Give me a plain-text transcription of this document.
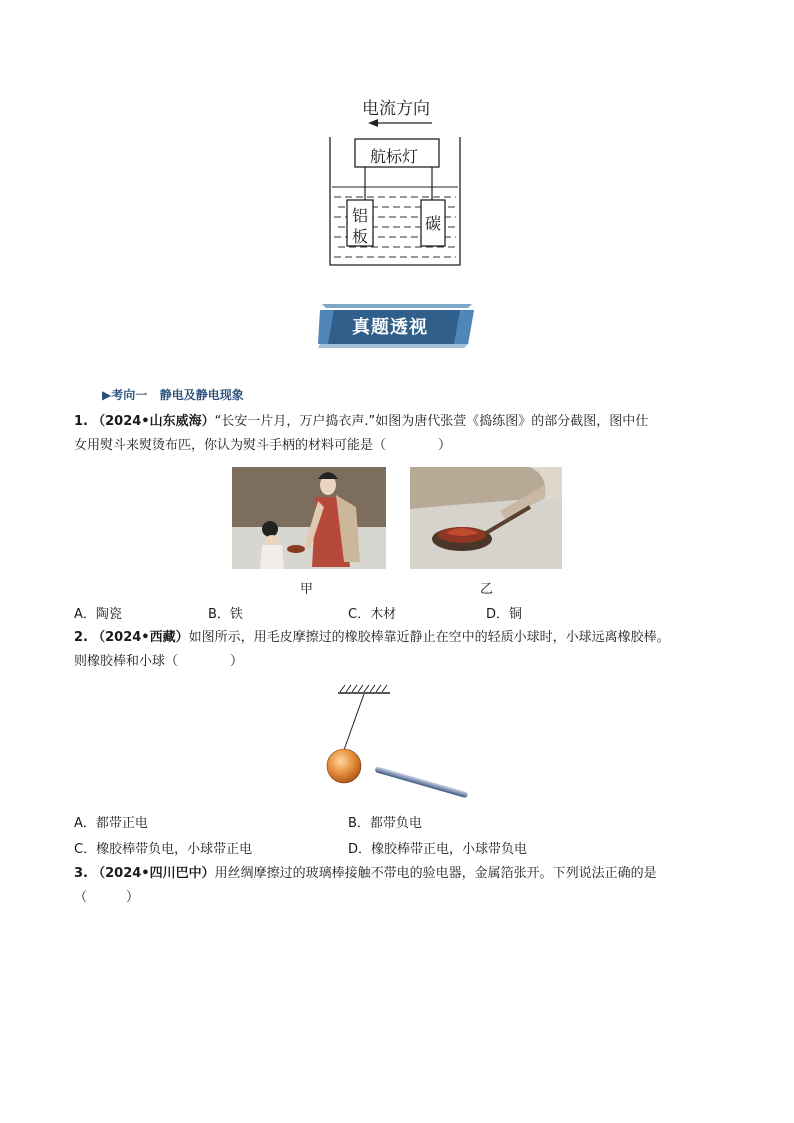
电流方向
航标灯
铝
板
碳
真题透视
▶考向一 静电及静电现象
1. （2024•山东威海）“长安一片月，万户捣衣声.”如图为唐代张萱《捣练图》的部分截图，图中仕
女用熨斗来熨烫布匹，你认为熨斗手柄的材料可能是（　　　　）
甲	乙
A．陶瓷	B．铁	C．木材	D．铜
2. （2024•西藏）如图所示，用毛皮摩擦过的橡胶棒靠近静止在空中的轻质小球时，小球远离橡胶棒。
则橡胶棒和小球（　　　　）
A．都带正电	B．都带负电
C．橡胶棒带负电，小球带正电	D．橡胶棒带正电，小球带负电
3. （2024•四川巴中）用丝绸摩擦过的玻璃棒接触不带电的验电器，金属箔张开。下列说法正确的是
（　　　）
